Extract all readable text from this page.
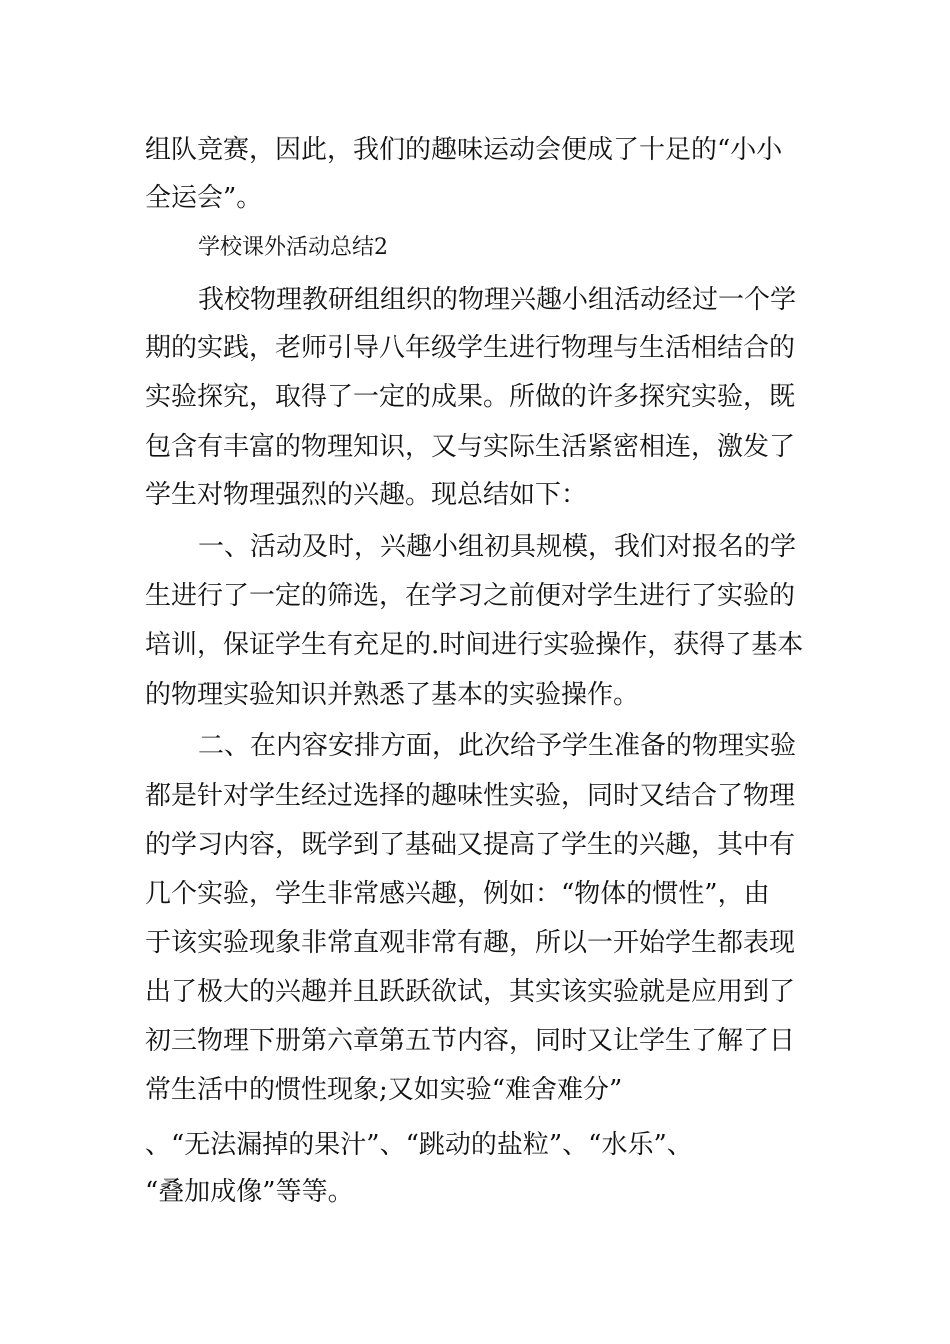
组队竞赛，因此，我们的趣味运动会便成了十足的“小小
全运会”。
学校课外活动总结2
我校物理教研组组织的物理兴趣小组活动经过一个学
期的实践，老师引导八年级学生进行物理与生活相结合的
实验探究，取得了一定的成果。所做的许多探究实验，既
包含有丰富的物理知识，又与实际生活紧密相连，激发了
学生对物理强烈的兴趣。现总结如下：
一、活动及时，兴趣小组初具规模，我们对报名的学
生进行了一定的筛选，在学习之前便对学生进行了实验的
培训，保证学生有充足的.时间进行实验操作，获得了基本
的物理实验知识并熟悉了基本的实验操作。
二、在内容安排方面，此次给予学生准备的物理实验
都是针对学生经过选择的趣味性实验，同时又结合了物理
的学习内容，既学到了基础又提高了学生的兴趣，其中有
几个实验，学生非常感兴趣，例如：“物体的惯性”，由
于该实验现象非常直观非常有趣，所以一开始学生都表现
出了极大的兴趣并且跃跃欲试，其实该实验就是应用到了
初三物理下册第六章第五节内容，同时又让学生了解了日
常生活中的惯性现象;又如实验“难舍难分”
、“无法漏掉的果汁”、“跳动的盐粒”、“水乐”、
“叠加成像”等等。
